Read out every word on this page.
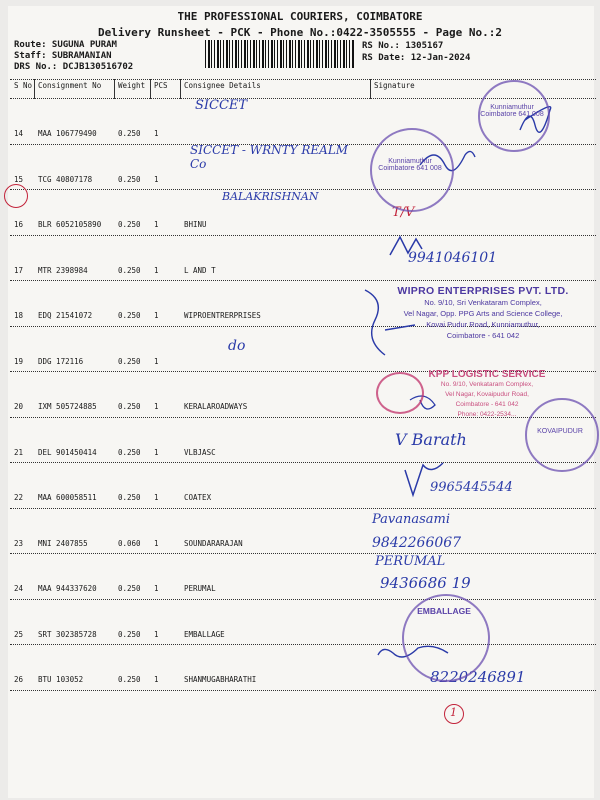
THE PROFESSIONAL COURIERS, COIMBATORE
Delivery Runsheet - PCK - Phone No.:0422-3505555 - Page No.:2
Route: SUGUNA PURAM
Staff: SUBRAMANIAN
DRS No.: DCJB130516702
RS No.: 1305167
RS Date: 12-Jan-2024
S No Consignment No Weight PCS Consignee Details	Signature
14 MAA 106779490	0.250 1
15 TCG 40807178	0.250 1
16 BLR 6052105890 0.250 1	BHINU
17 MTR 2398984	0.250 1	L AND T
18 EDQ 21541072	0.250 1	WIPROENTRERPRISES
19 DDG 172116	0.250 1
20 IXM 505724885	0.250 1	KERALAROADWAYS
21 DEL 901450414	0.250 1	VLBJASC
22 MAA 600058511	0.250 1	COATEX
23 MNI 2407855	0.060 1	SOUNDARARAJAN
24 MAA 944337620	0.250 1	PERUMAL
25 SRT 302385728	0.250 1	EMBALLAGE
26 BTU 103052	0.250 1	SHANMUGABHARATHI
SICCET
SICCET - WRNTY REALM Co
BALAKRISHNAN
T/V
9941046101
do
V Barath
9965445544
Pavanasami
9842266067
PERUMAL
9436686 19
8220246891
1
Kunniamuthur Coimbatore 641 008
Kunniamuthur Coimbatore 641 008
WIPRO ENTERPRISES PVT. LTD.
No. 9/10, Sri Venkataram Complex,
Vel Nagar, Opp. PPG Arts and Science College,
Kovai Pudur Road, Kunniamuthur,
Coimbatore - 641 042
KPP LOGISTIC SERVICE
No. 9/10, Venkataram Complex,
Vel Nagar, Kovaipudur Road,
Coimbatore - 641 042
Phone: 0422-2534...
KOVAIPUDUR
EMBALLAGE
